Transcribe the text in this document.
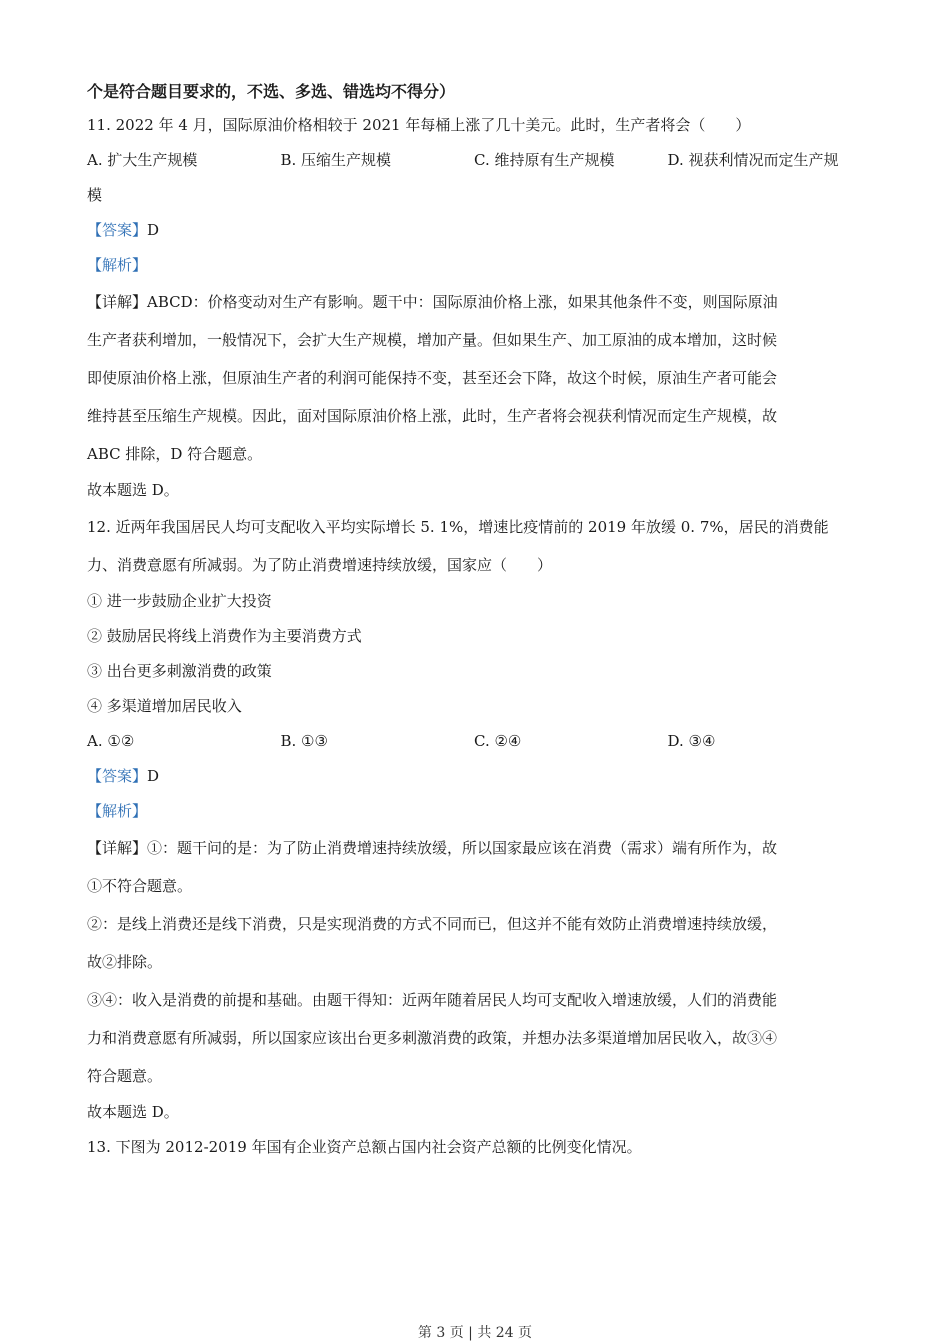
个是符合题目要求的，不选、多选、错选均不得分）
11. 2022 年 4 月，国际原油价格相较于 2021 年每桶上涨了几十美元。此时，生产者将会（　　）
A. 扩大生产规模	B. 压缩生产规模	C. 维持原有生产规模	D. 视获利情况而定生产规
模
【答案】D
【解析】
【详解】ABCD：价格变动对生产有影响。题干中：国际原油价格上涨，如果其他条件不变，则国际原油
生产者获利增加，一般情况下，会扩大生产规模，增加产量。但如果生产、加工原油的成本增加，这时候
即使原油价格上涨，但原油生产者的利润可能保持不变，甚至还会下降，故这个时候，原油生产者可能会
维持甚至压缩生产规模。因此，面对国际原油价格上涨，此时，生产者将会视获利情况而定生产规模，故
ABC 排除，D 符合题意。
故本题选 D。
12. 近两年我国居民人均可支配收入平均实际增长 5. 1%，增速比疫情前的 2019 年放缓 0. 7%，居民的消费能
力、消费意愿有所减弱。为了防止消费增速持续放缓，国家应（　　）
① 进一步鼓励企业扩大投资
② 鼓励居民将线上消费作为主要消费方式
③ 出台更多刺激消费的政策
④ 多渠道增加居民收入
A. ①②	B. ①③	C. ②④	D. ③④
【答案】D
【解析】
【详解】①：题干问的是：为了防止消费增速持续放缓，所以国家最应该在消费（需求）端有所作为，故
①不符合题意。
②：是线上消费还是线下消费，只是实现消费的方式不同而已，但这并不能有效防止消费增速持续放缓，
故②排除。
③④：收入是消费的前提和基础。由题干得知：近两年随着居民人均可支配收入增速放缓，人们的消费能
力和消费意愿有所减弱，所以国家应该出台更多刺激消费的政策，并想办法多渠道增加居民收入，故③④
符合题意。
故本题选 D。
13. 下图为 2012-2019 年国有企业资产总额占国内社会资产总额的比例变化情况。
第 3 页 | 共 24 页
